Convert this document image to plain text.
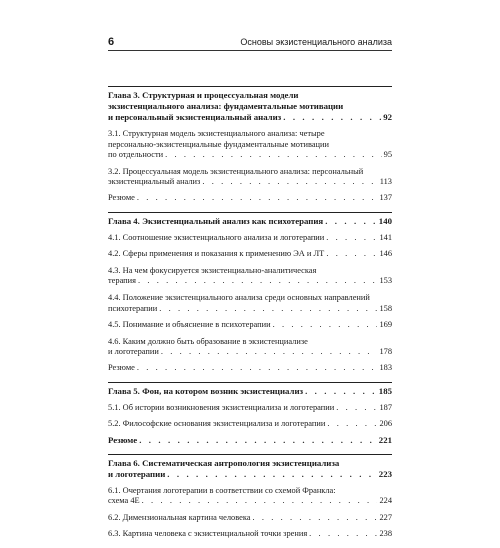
6	Основы экзистенциального анализа
Глава 3. Структурная и процессуальная модели
экзистенциального анализа: фундаментальные мотивации
и персональный экзистенциальный анализ . . .	92
3.1. Структурная модель экзистенциального анализа: четыре
персонально-экзистенциальные фундаментальные мотивации
по отдельности . . .	95
3.2. Процессуальная модель экзистенциального анализа: персональный
экзистенциальный анализ . . .	113
Резюме . . .	137
Глава 4. Экзистенциальный анализ как психотерапия . . .	140
4.1. Соотношение экзистенциального анализа и логотерапии . . .	141
4.2. Сферы применения и показания к применению ЭА и ЛТ . . .	146
4.3. На чем фокусируется экзистенциально-аналитическая
терапия . . .	153
4.4. Положение экзистенциального анализа среди основных направлений
психотерапии . . .	158
4.5. Понимание и объяснение в психотерапии . . .	169
4.6. Каким должно быть образование в экзистенциализе
и логотерапии . . .	178
Резюме . . .	183
Глава 5. Фон, на котором возник экзистенциализ . . .	185
5.1. Об истории возникновения экзистенциализа и логотерапии . . .	187
5.2. Философские основания экзистенциализа и логотерапии . . .	206
Резюме . . .	221
Глава 6. Систематическая антропология экзистенциализа
и логотерапии . . .	223
6.1. Очертания логотерапии в соответствии со схемой Франкла:
схема 4Е . . .	224
6.2. Димензиональная картина человека . . .	227
6.3. Картина человека с экзистенциальной точки зрения . . .	238
